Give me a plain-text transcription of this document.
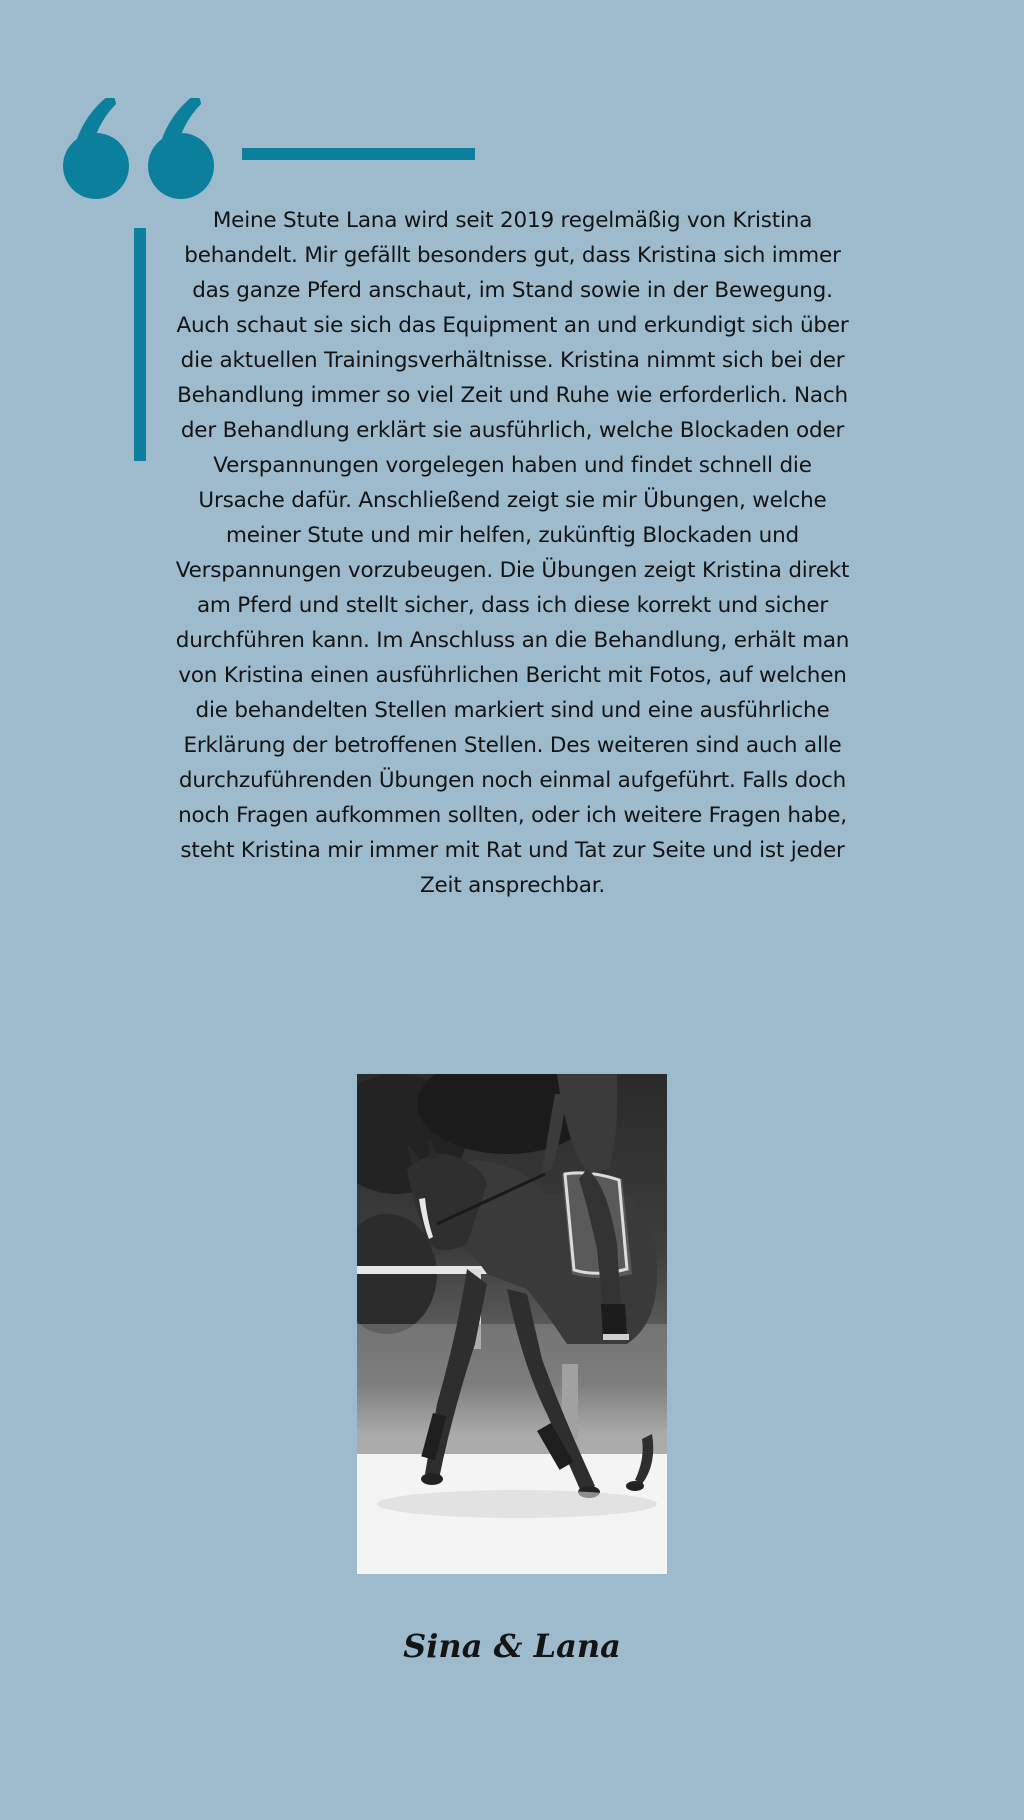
Meine Stute Lana wird seit 2019 regelmäßig von Kristina behandelt. Mir gefällt besonders gut, dass Kristina sich immer das ganze Pferd anschaut, im Stand sowie in der Bewegung. Auch schaut sie sich das Equipment an und erkundigt sich über die aktuellen Trainingsverhältnisse. Kristina nimmt sich bei der Behandlung immer so viel Zeit und Ruhe wie erforderlich. Nach der Behandlung erklärt sie ausführlich, welche Blockaden oder Verspannungen vorgelegen haben und findet schnell die Ursache dafür. Anschließend zeigt sie mir Übungen, welche meiner Stute und mir helfen, zukünftig Blockaden und Verspannungen vorzubeugen. Die Übungen zeigt Kristina direkt am Pferd und stellt sicher, dass ich diese korrekt und sicher durchführen kann. Im Anschluss an die Behandlung, erhält man von Kristina einen ausführlichen Bericht mit Fotos, auf welchen die behandelten Stellen markiert sind und eine ausführliche Erklärung der betroffenen Stellen. Des weiteren sind auch alle durchzuführenden Übungen noch einmal aufgeführt. Falls doch noch Fragen aufkommen sollten, oder ich weitere Fragen habe, steht Kristina mir immer mit Rat und Tat zur Seite und ist jeder Zeit ansprechbar.

Sina & Lana
